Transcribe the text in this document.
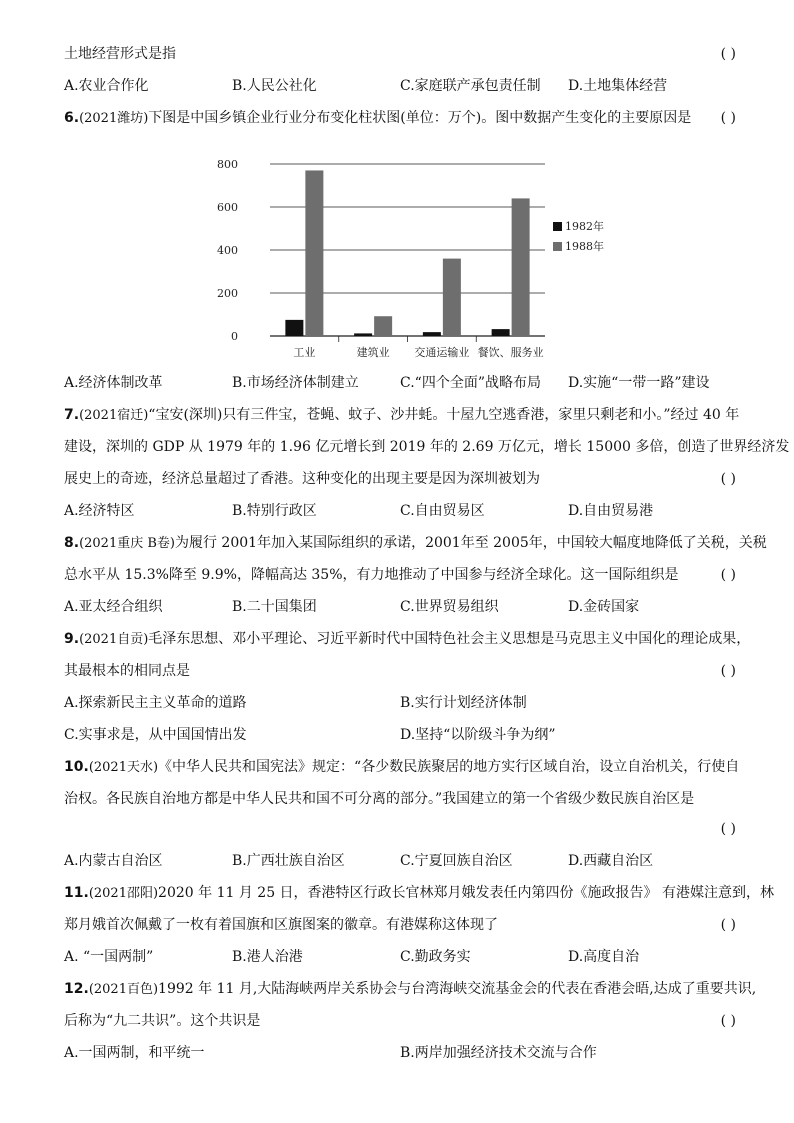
土地经营形式是指	( )
A.农业合作化	B.人民公社化	C.家庭联产承包责任制 D.土地集体经营
6.(2021潍坊)下图是中国乡镇企业行业分布变化柱状图(单位：万个)。图中数据产生变化的主要原因是	( )
0
200
400
600
800
工业	建筑业 交通运输业 餐饮、服务业
1982年
1988年
A.经济体制改革	B.市场经济体制建立	C.“四个全面”战略布局 D.实施“一带一路”建设
7.(2021宿迁)“宝安(深圳)只有三件宝，苍蝇、蚊子、沙井蚝。十屋九空逃香港，家里只剩老和小。”经过 40 年
建设，深圳的 GDP 从 1979 年的 1.96 亿元增长到 2019 年的 2.69 万亿元，增长 15000 多倍，创造了世界经济发
展史上的奇迹，经济总量超过了香港。这种变化的出现主要是因为深圳被划为	( )
A.经济特区	B.特别行政区	C.自由贸易区	D.自由贸易港
8.(2021重庆 B卷)为履行 2001年加入某国际组织的承诺，2001年至 2005年，中国较大幅度地降低了关税，关税
总水平从 15.3%降至 9.9%，降幅高达 35%，有力地推动了中国参与经济全球化。这一国际组织是	( )
A.亚太经合组织	B.二十国集团	C.世界贸易组织	D.金砖国家
9.(2021自贡)毛泽东思想、邓小平理论、习近平新时代中国特色社会主义思想是马克思主义中国化的理论成果，
其最根本的相同点是	( )
A.探索新民主主义革命的道路	B.实行计划经济体制
C.实事求是，从中国国情出发	D.坚持“以阶级斗争为纲”
10.(2021天水)《中华人民共和国宪法》规定：“各少数民族聚居的地方实行区域自治，设立自治机关，行使自
治权。各民族自治地方都是中华人民共和国不可分离的部分。”我国建立的第一个省级少数民族自治区是
( )
A.内蒙古自治区	B.广西壮族自治区	C.宁夏回族自治区	D.西藏自治区
11.(2021邵阳)2020 年 11 月 25 日，香港特区行政长官林郑月娥发表任内第四份《施政报告》 有港媒注意到，林
郑月娥首次佩戴了一枚有着国旗和区旗图案的徽章。有港媒称这体现了	( )
A. “一国两制”	B.港人治港	C.勤政务实	D.高度自治
12.(2021百色)1992 年 11 月,大陆海峡两岸关系协会与台湾海峡交流基金会的代表在香港会晤,达成了重要共识,
后称为“九二共识”。这个共识是	( )
A.一国两制，和平统一	B.两岸加强经济技术交流与合作
